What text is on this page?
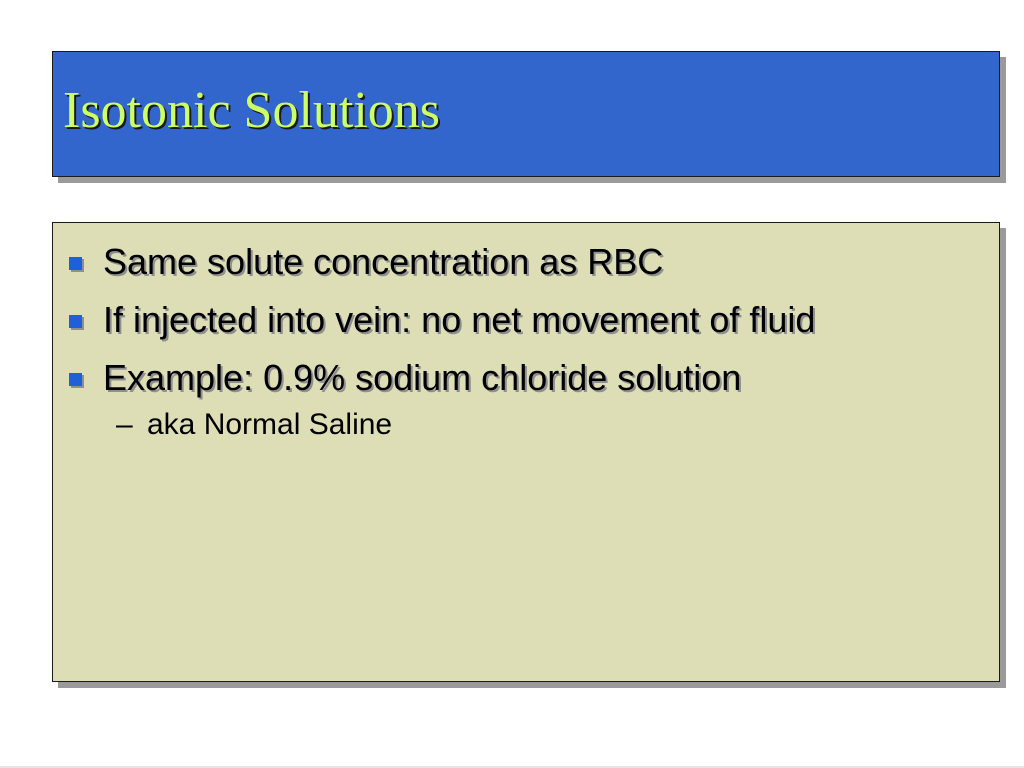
Isotonic Solutions
Same solute concentration as RBC
If injected into vein: no net movement of fluid
Example: 0.9% sodium chloride solution
– aka Normal Saline
